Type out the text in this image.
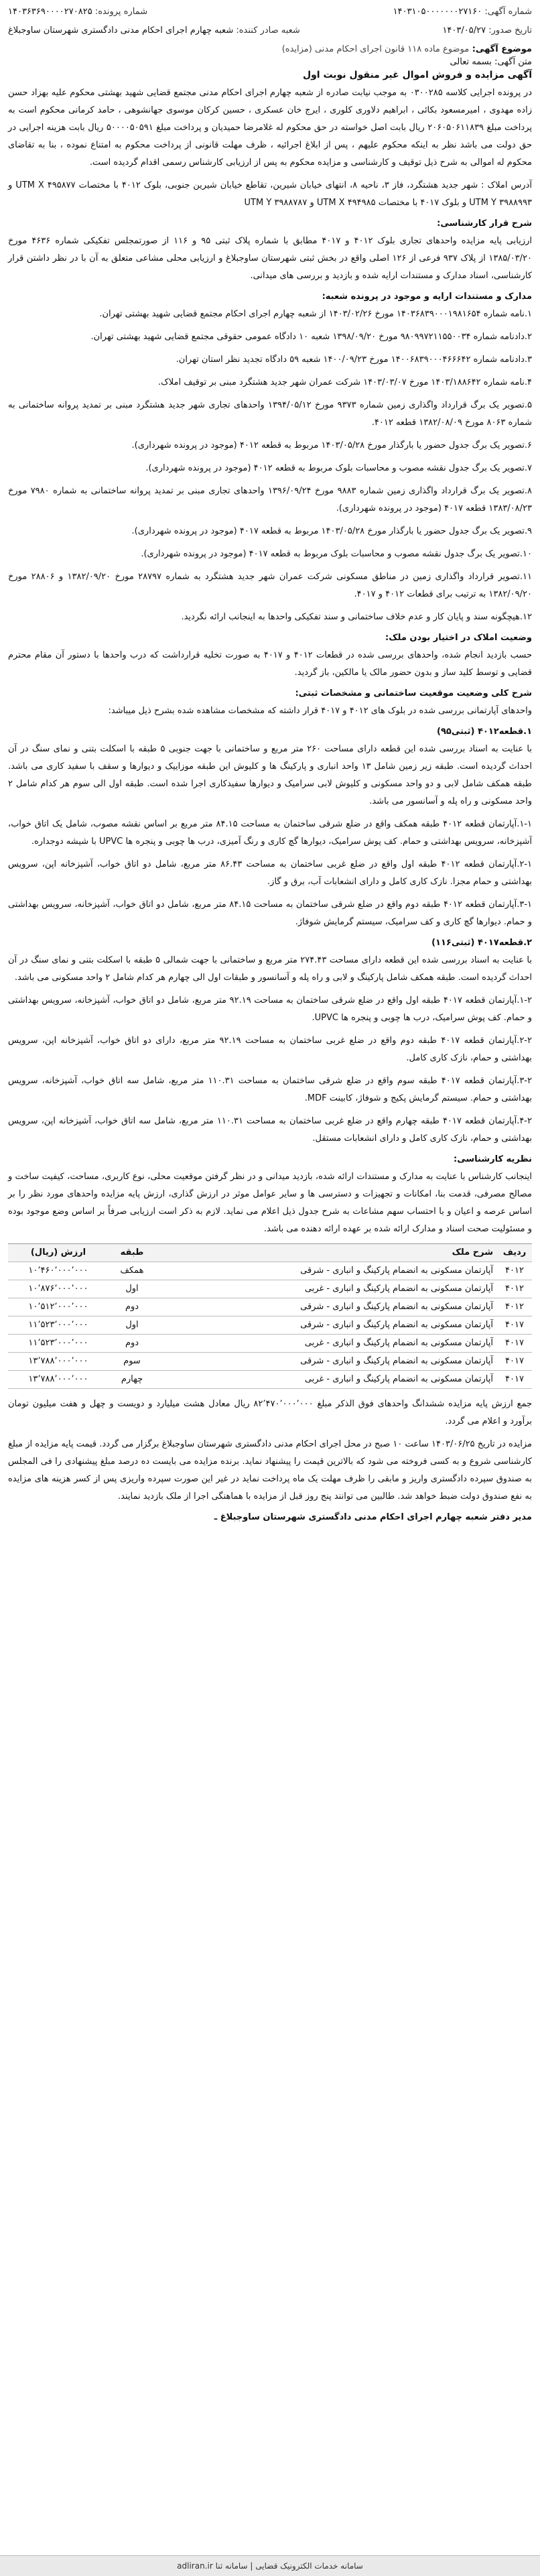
شماره آگهی: ۱۴۰۳۱۰۵۰۰۰۰۰۰۰۲۷۱۶۰
تاریخ صدور: ۱۴۰۳/۰۵/۲۷
شماره پرونده: ۱۴۰۳۶۳۶۹۰۰۰۰۲۷۰۸۲۵
شعبه صادر کننده: شعبه چهارم اجرای احکام مدنی دادگستری شهرستان ساوجبلاغ
موضوع آگهی: موضوع ماده ۱۱۸ قانون اجرای احکام مدنی (مزایده)
متن آگهی: بسمه تعالی
آگهی مزایده و فروش اموال غیر منقول نوبت اول

در پرونده اجرایی کلاسه ۰۳۰۰۲۸۵ به موجب نیابت صادره از شعبه چهارم اجرای احکام مدنی مجتمع قضایی شهید بهشتی محکوم علیه بهزاد حسن زاده مهدوی ، امیرمسعود بکائی ، ابراهیم دلاوری کلوری ، ایرج خان عسکری ، حسین کرکان موسوی جهانشوهی ، حامد کرمانی محکوم است به پرداخت مبلغ ۲۰۶۰۵۰۶۱۱۸۳۹ ریال بابت اصل خواسته در حق محکوم له غلامرضا حمیدیان و پرداخت مبلغ ۵۰۰۰۰۵۰۵۹۱ ریال بابت هزینه اجرایی در حق دولت می باشد نظر به اینکه محکوم علیهم ، پس از ابلاغ اجرائیه ، ظرف مهلت قانونی از پرداخت محکوم به امتناع نموده ، بنا به تقاضای محکوم له اموالی به شرح ذیل توقیف و کارشناسی و مزایده محکوم به پس از ارزیابی کارشناس رسمی اقدام گردیده است.

آدرس املاک : شهر جدید هشتگرد، فاز ۳، ناحیه ۸، انتهای خیابان شیرین، تقاطع خیابان شیرین جنوبی، بلوک ۴۰۱۲ با مختصات UTM X ۴۹۵۸۷۷ و UTM Y ۳۹۸۸۹۹۳ و بلوک ۴۰۱۷ با مختصات UTM X ۴۹۴۹۸۵ و UTM Y ۳۹۸۸۷۸۷

شرح قرار کارشناسی:

ارزیابی پایه مزایده واحدهای تجاری بلوک ۴۰۱۲ و ۴۰۱۷ مطابق با شماره پلاک ثبتی ۹۵ و ۱۱۶ از صورتمجلس تفکیکی شماره ۴۶۳۶ مورخ ۱۳۸۵/۰۳/۲۰ از پلاک ۹۳۷ فرعی از ۱۲۶ اصلی واقع در بخش ثبتی شهرستان ساوجبلاغ و ارزیابی محلی مشاعی متعلق به آن با در نظر داشتن قرار کارشناسی، اسناد مدارک و مستندات ارایه شده و بازدید و بررسی های میدانی.

مدارک و مستندات ارایه و موجود در پرونده شعبه:
۱.نامه شماره ۱۴۰۳۶۸۳۹۰۰۰۱۹۸۱۶۵۴ مورخ ۱۴۰۳/۰۲/۲۶ از شعبه چهارم اجرای احکام مجتمع قضایی شهید بهشتی تهران.
۲.دادنامه شماره ۹۸۰۹۹۷۲۱۱۵۵۰۰۳۴ مورخ ۱۳۹۸/۰۹/۲۰ شعبه ۱۰ دادگاه عمومی حقوقی مجتمع قضایی شهید بهشتی تهران.
۳.دادنامه شماره ۱۴۰۰۶۸۳۹۰۰۰۴۶۶۶۴۲ مورخ ۱۴۰۰/۰۹/۲۳ شعبه ۵۹ دادگاه تجدید نظر استان تهران.
۴.نامه شماره ۱۴۰۳/۱۸۸۶۴۲ مورخ ۱۴۰۳/۰۳/۰۷ شرکت عمران شهر جدید هشتگرد مبنی بر توقیف املاک.
۵.تصویر یک برگ قرارداد واگذاری زمین شماره ۹۳۷۳ مورخ ۱۳۹۴/۰۵/۱۲ واحدهای تجاری شهر جدید هشتگرد مبنی بر تمدید پروانه ساختمانی به شماره ۸۰۶۳ مورخ ۱۳۸۲/۰۸/۰۹ قطعه ۴۰۱۲.
۶.تصویر یک برگ جدول حضور یا بارگذار مورخ ۱۴۰۳/۰۵/۲۸ مربوط به قطعه ۴۰۱۲ (موجود در پرونده شهرداری).
۷.تصویر یک برگ جدول نقشه مصوب و محاسبات بلوک مربوط به قطعه ۴۰۱۲ (موجود در پرونده شهرداری).
۸.تصویر یک برگ قرارداد واگذاری زمین شماره ۹۸۸۳ مورخ ۱۳۹۶/۰۹/۲۴ واحدهای تجاری مبنی بر تمدید پروانه ساختمانی به شماره ۷۹۸۰ مورخ ۱۳۸۳/۰۸/۲۳ قطعه ۴۰۱۷ (موجود در پرونده شهرداری).
۹.تصویر یک برگ جدول حضور یا بارگذار مورخ ۱۴۰۳/۰۵/۲۸ مربوط به قطعه ۴۰۱۷ (موجود در پرونده شهرداری).
۱۰.تصویر یک برگ جدول نقشه مصوب و محاسبات بلوک مربوط به قطعه ۴۰۱۷ (موجود در پرونده شهرداری).
۱۱.تصویر قرارداد واگذاری زمین در مناطق مسکونی شرکت عمران شهر جدید هشتگرد به شماره ۲۸۷۹۷ مورخ ۱۳۸۲/۰۹/۲۰ و ۲۸۸۰۶ مورخ ۱۳۸۲/۰۹/۲۰ به ترتیب برای قطعات ۴۰۱۲ و ۴۰۱۷.
۱۲.هیچگونه سند و پایان کار و عدم خلاف ساختمانی و سند تفکیکی واحدها به اینجانب ارائه نگردید.
وضعیت املاک در اختیار بودن ملک:

حسب بازدید انجام شده، واحدهای بررسی شده در قطعات ۴۰۱۲ و ۴۰۱۷ به صورت تخلیه قرارداشت که درب واحدها با دستور آن مقام محترم قضایی و توسط کلید ساز و بدون حضور مالک یا مالکین، باز گردید.

شرح کلی وضعیت موقعیت ساختمانی و مشخصات ثبتی:

واحدهای آپارتمانی بررسی شده در بلوک های ۴۰۱۲ و ۴۰۱۷ قرار داشته که مشخصات مشاهده شده بشرح ذیل میباشد:

۱.قطعه۴۰۱۲ (ثبتی۹۵)

با عنایت به اسناد بررسی شده این قطعه دارای مساحت ۲۶۰ متر مربع و ساختمانی با جهت جنوبی ۵ طبقه با اسکلت بتنی و نمای سنگ در آن احداث گردیده است. طبقه زیر زمین شامل ۱۳ واحد انباری و پارکینگ ها و کلیوش این طبقه موزاییک و دیوارها و سقف با سفید کاری می باشد. طبقه همکف شامل لابی و دو واحد مسکونی و کلیوش لابی سرامیک و دیوارها سفیدکاری اجرا شده است. طبقه اول الی سوم هر کدام شامل ۲ واحد مسکونی و راه پله و آسانسور می باشد.

۱-۱.آپارتمان قطعه ۴۰۱۲ طبقه همکف واقع در ضلع شرقی ساختمان به مساحت ۸۴.۱۵ متر مربع بر اساس نقشه مصوب، شامل یک اتاق خواب، آشپزخانه، سرویس بهداشتی و حمام. کف پوش سرامیک، دیوارها گچ کاری و رنگ آمیزی، درب ها چوبی و پنجره ها UPVC با شیشه دوجداره.
۲-۱.آپارتمان قطعه ۴۰۱۲ طبقه اول واقع در ضلع غربی ساختمان به مساحت ۸۶.۴۳ متر مربع، شامل دو اتاق خواب، آشپزخانه اپن، سرویس بهداشتی و حمام مجزا. نازک کاری کامل و دارای انشعابات آب، برق و گاز.
۳-۱.آپارتمان قطعه ۴۰۱۲ طبقه دوم واقع در ضلع شرقی ساختمان به مساحت ۸۴.۱۵ متر مربع، شامل دو اتاق خواب، آشپزخانه، سرویس بهداشتی و حمام. دیوارها گچ کاری و کف سرامیک، سیستم گرمایش شوفاژ.
۲.قطعه۴۰۱۷ (ثبتی۱۱۶)

با عنایت به اسناد بررسی شده این قطعه دارای مساحت ۲۷۴.۴۳ متر مربع و ساختمانی با جهت شمالی ۵ طبقه با اسکلت بتنی و نمای سنگ در آن احداث گردیده است. طبقه همکف شامل پارکینگ و لابی و راه پله و آسانسور و طبقات اول الی چهارم هر کدام شامل ۲ واحد مسکونی می باشد.

۱-۲.آپارتمان قطعه ۴۰۱۷ طبقه اول واقع در ضلع شرقی ساختمان به مساحت ۹۲.۱۹ متر مربع، شامل دو اتاق خواب، آشپزخانه، سرویس بهداشتی و حمام. کف پوش سرامیک، درب ها چوبی و پنجره ها UPVC.
۲-۲.آپارتمان قطعه ۴۰۱۷ طبقه دوم واقع در ضلع غربی ساختمان به مساحت ۹۲.۱۹ متر مربع، دارای دو اتاق خواب، آشپزخانه اپن، سرویس بهداشتی و حمام، نازک کاری کامل.
۳-۲.آپارتمان قطعه ۴۰۱۷ طبقه سوم واقع در ضلع شرقی ساختمان به مساحت ۱۱۰.۳۱ متر مربع، شامل سه اتاق خواب، آشپزخانه، سرویس بهداشتی و حمام. سیستم گرمایش پکیج و شوفاژ، کابینت MDF.
۴-۲.آپارتمان قطعه ۴۰۱۷ طبقه چهارم واقع در ضلع غربی ساختمان به مساحت ۱۱۰.۳۱ متر مربع، شامل سه اتاق خواب، آشپزخانه اپن، سرویس بهداشتی و حمام، نازک کاری کامل و دارای انشعابات مستقل.
نظریه کارشناسی:

اینجانب کارشناس با عنایت به مدارک و مستندات ارائه شده، بازدید میدانی و در نظر گرفتن موقعیت محلی، نوع کاربری، مساحت، کیفیت ساخت و مصالح مصرفی، قدمت بنا، امکانات و تجهیزات و دسترسی ها و سایر عوامل موثر در ارزش گذاری، ارزش پایه مزایده واحدهای مورد نظر را بر اساس عرصه و اعیان و با احتساب سهم مشاعات به شرح جدول ذیل اعلام می نماید. لازم به ذکر است ارزیابی صرفاً بر اساس وضع موجود بوده و مسئولیت صحت اسناد و مدارک ارائه شده بر عهده ارائه دهنده می باشد.

ردیف
شرح ملک
طبقه
ارزش (ریال)
۴۰۱۲
آپارتمان مسکونی به انضمام پارکینگ و انباری - شرقی
همکف
۱۰٬۴۶۰٬۰۰۰٬۰۰۰
۴۰۱۲
آپارتمان مسکونی به انضمام پارکینگ و انباری - غربی
اول
۱۰٬۸۷۶٬۰۰۰٬۰۰۰
۴۰۱۲
آپارتمان مسکونی به انضمام پارکینگ و انباری - شرقی
دوم
۱۰٬۵۱۲٬۰۰۰٬۰۰۰
۴۰۱۷
آپارتمان مسکونی به انضمام پارکینگ و انباری - شرقی
اول
۱۱٬۵۲۳٬۰۰۰٬۰۰۰
۴۰۱۷
آپارتمان مسکونی به انضمام پارکینگ و انباری - غربی
دوم
۱۱٬۵۲۳٬۰۰۰٬۰۰۰
۴۰۱۷
آپارتمان مسکونی به انضمام پارکینگ و انباری - شرقی
سوم
۱۳٬۷۸۸٬۰۰۰٬۰۰۰
۴۰۱۷
آپارتمان مسکونی به انضمام پارکینگ و انباری - غربی
چهارم
۱۳٬۷۸۸٬۰۰۰٬۰۰۰

جمع ارزش پایه مزایده ششدانگ واحدهای فوق الذکر مبلغ ۸۲٬۴۷۰٬۰۰۰٬۰۰۰ ریال معادل هشت میلیارد و دویست و چهل و هفت میلیون تومان برآورد و اعلام می گردد.

مزایده در تاریخ ۱۴۰۳/۰۶/۲۵ ساعت ۱۰ صبح در محل اجرای احکام مدنی دادگستری شهرستان ساوجبلاغ برگزار می گردد. قیمت پایه مزایده از مبلغ کارشناسی شروع و به کسی فروخته می شود که بالاترین قیمت را پیشنهاد نماید. برنده مزایده می بایست ده درصد مبلغ پیشنهادی را فی المجلس به صندوق سپرده دادگستری واریز و مابقی را ظرف مهلت یک ماه پرداخت نماید در غیر این صورت سپرده واریزی پس از کسر هزینه های مزایده به نفع صندوق دولت ضبط خواهد شد. طالبین می توانند پنج روز قبل از مزایده با هماهنگی اجرا از ملک بازدید نمایند.

مدیر دفتر شعبه چهارم اجرای احکام مدنی دادگستری شهرستان ساوجبلاغ ـ
سامانه خدمات الکترونیک قضایی | سامانه ثنا adliran.ir
